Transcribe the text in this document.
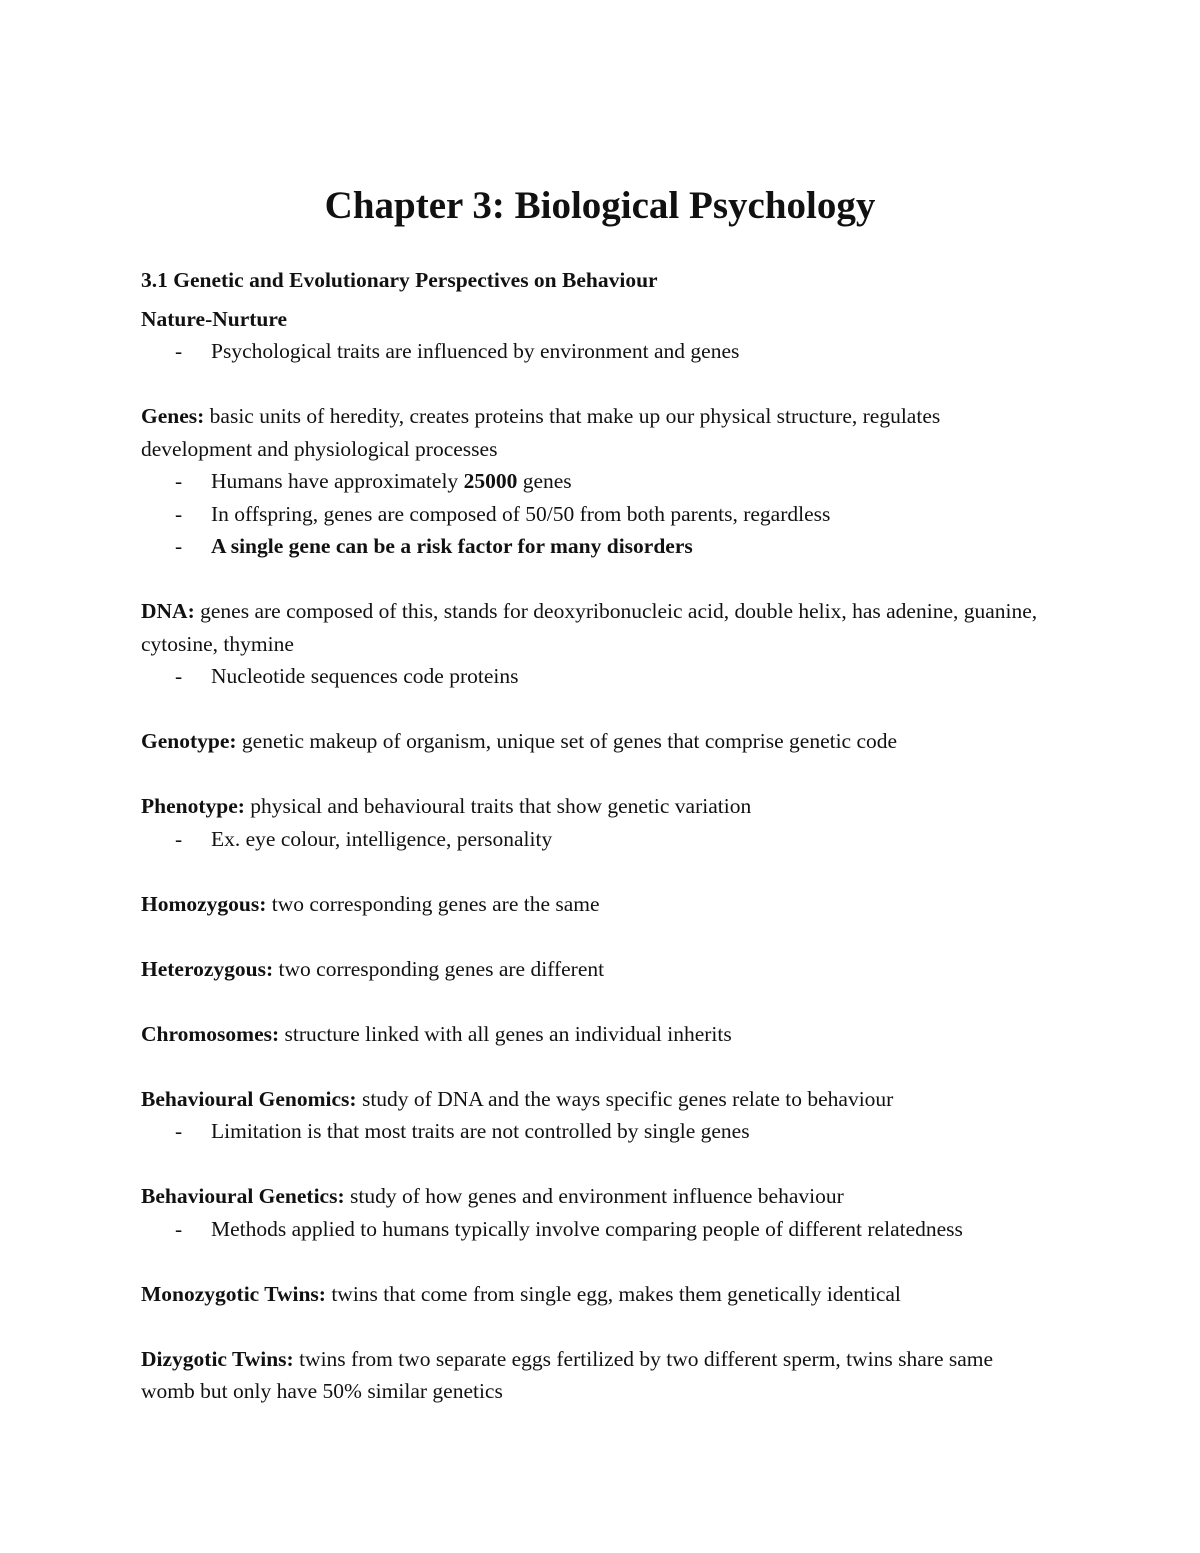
Chapter 3: Biological Psychology

3.1 Genetic and Evolutionary Perspectives on Behaviour

Nature-Nurture

- Psychological traits are influenced by environment and genes

Genes: basic units of heredity, creates proteins that make up our physical structure, regulates development and physiological processes

- Humans have approximately 25000 genes
- In offspring, genes are composed of 50/50 from both parents, regardless
- A single gene can be a risk factor for many disorders

DNA: genes are composed of this, stands for deoxyribonucleic acid, double helix, has adenine, guanine, cytosine, thymine

- Nucleotide sequences code proteins

Genotype: genetic makeup of organism, unique set of genes that comprise genetic code

Phenotype: physical and behavioural traits that show genetic variation

- Ex. eye colour, intelligence, personality

Homozygous: two corresponding genes are the same

Heterozygous: two corresponding genes are different

Chromosomes: structure linked with all genes an individual inherits

Behavioural Genomics: study of DNA and the ways specific genes relate to behaviour

- Limitation is that most traits are not controlled by single genes

Behavioural Genetics: study of how genes and environment influence behaviour

- Methods applied to humans typically involve comparing people of different relatedness

Monozygotic Twins: twins that come from single egg, makes them genetically identical

Dizygotic Twins: twins from two separate eggs fertilized by two different sperm, twins share same womb but only have 50% similar genetics
